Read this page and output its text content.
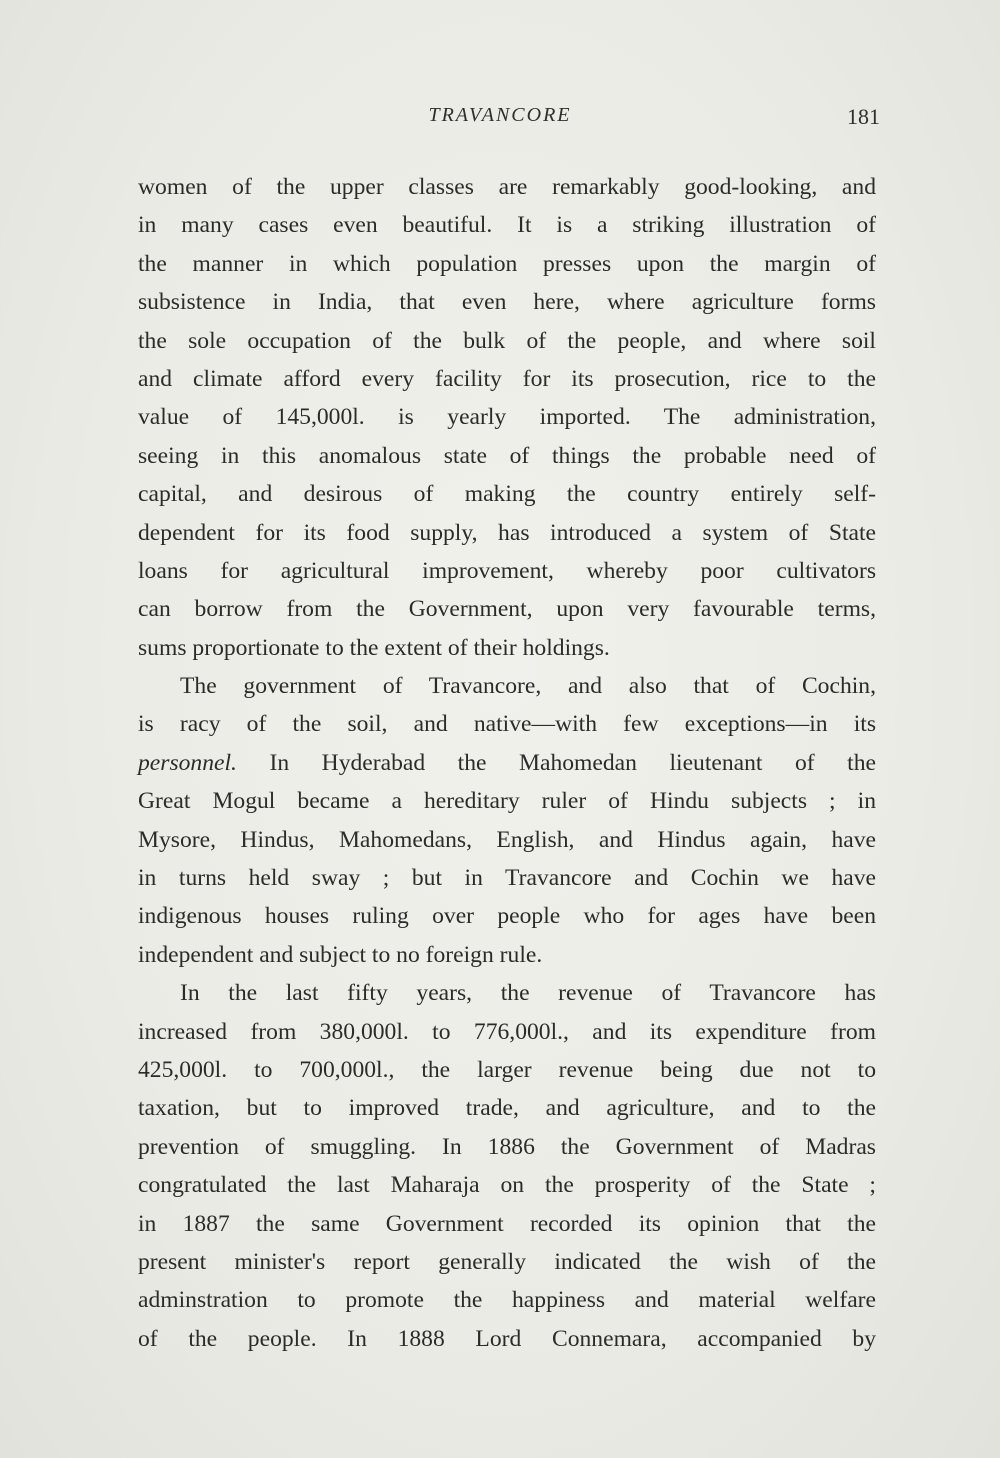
TRAVANCORE	181
women of the upper classes are remarkably good-looking, and
in many cases even beautiful. It is a striking illustration of
the manner in which population presses upon the margin of
subsistence in India, that even here, where agriculture forms
the sole occupation of the bulk of the people, and where soil
and climate afford every facility for its prosecution, rice to the
value of 145,000l. is yearly imported. The administration,
seeing in this anomalous state of things the probable need of
capital, and desirous of making the country entirely self-
dependent for its food supply, has introduced a system of State
loans for agricultural improvement, whereby poor cultivators
can borrow from the Government, upon very favourable terms,
sums proportionate to the extent of their holdings.
The government of Travancore, and also that of Cochin,
is racy of the soil, and native—with few exceptions—in its
personnel. In Hyderabad the Mahomedan lieutenant of the
Great Mogul became a hereditary ruler of Hindu subjects ; in
Mysore, Hindus, Mahomedans, English, and Hindus again, have
in turns held sway ; but in Travancore and Cochin we have
indigenous houses ruling over people who for ages have been
independent and subject to no foreign rule.
In the last fifty years, the revenue of Travancore has
increased from 380,000l. to 776,000l., and its expenditure from
425,000l. to 700,000l., the larger revenue being due not to
taxation, but to improved trade, and agriculture, and to the
prevention of smuggling. In 1886 the Government of Madras
congratulated the last Maharaja on the prosperity of the State ;
in 1887 the same Government recorded its opinion that the
present minister's report generally indicated the wish of the
adminstration to promote the happiness and material welfare
of the people. In 1888 Lord Connemara, accompanied by
